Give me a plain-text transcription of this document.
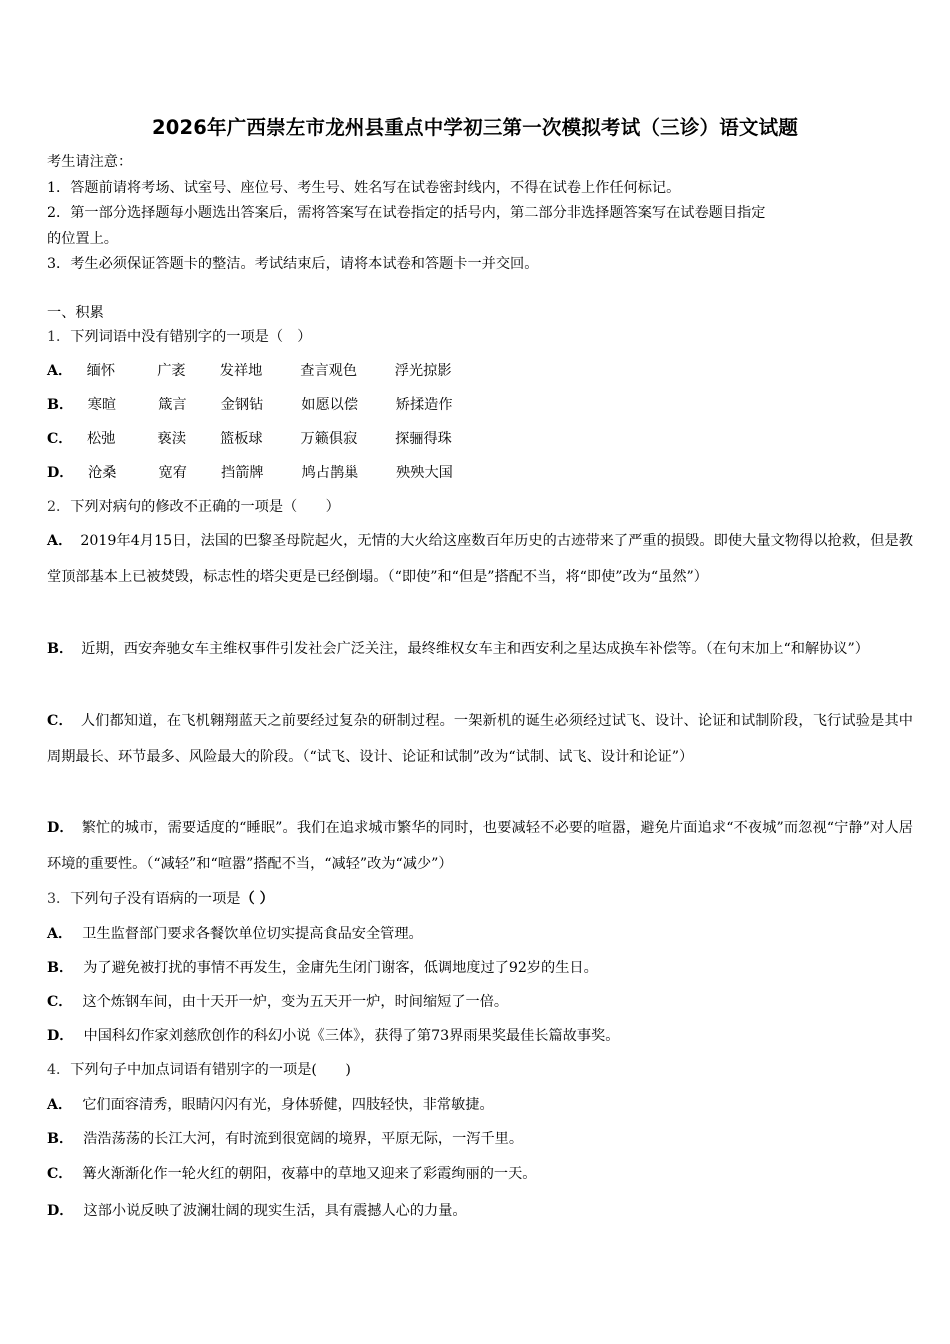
2026年广西崇左市龙州县重点中学初三第一次模拟考试（三诊）语文试题
考生请注意：
1．答题前请将考场、试室号、座位号、考生号、姓名写在试卷密封线内，不得在试卷上作任何标记。
2．第一部分选择题每小题选出答案后，需将答案写在试卷指定的括号内，第二部分非选择题答案写在试卷题目指定
的位置上。
3．考生必须保证答题卡的整洁。考试结束后，请将本试卷和答题卡一并交回。
一、积累
1．下列词语中没有错别字的一项是（　）
A． 缅怀	广袤 发祥地	查言观色	浮光掠影
B． 寒暄	箴言 金钢钻	如愿以偿	矫揉造作
C． 松弛	亵渎 篮板球	万籁俱寂	探骊得珠
D． 沧桑	宽宥 挡箭牌	鸠占鹊巢	殃殃大国
2．下列对病句的修改不正确的一项是（　　）
A． 2019年4月15日，法国的巴黎圣母院起火，无情的大火给这座数百年历史的古迹带来了严重的损毁。即使大量文物得以抢救，但是教堂顶部基本上已被焚毁，标志性的塔尖更是已经倒塌。（“即使”和“但是”搭配不当，将“即使”改为“虽然”）
B． 近期，西安奔驰女车主维权事件引发社会广泛关注，最终维权女车主和西安利之星达成换车补偿等。（在句末加上“和解协议”）
C． 人们都知道，在飞机翱翔蓝天之前要经过复杂的研制过程。一架新机的诞生必须经过试飞、设计、论证和试制阶段，飞行试验是其中周期最长、环节最多、风险最大的阶段。（“试飞、设计、论证和试制”改为“试制、试飞、设计和论证”）
D． 繁忙的城市，需要适度的“睡眠”。我们在追求城市繁华的同时，也要减轻不必要的喧嚣，避免片面追求“不夜城”而忽视“宁静”对人居环境的重要性。（“减轻”和“喧嚣”搭配不当，“减轻”改为“减少”）
3．下列句子没有语病的一项是（ ）
A． 卫生监督部门要求各餐饮单位切实提高食品安全管理。
B． 为了避免被打扰的事情不再发生，金庸先生闭门谢客，低调地度过了92岁的生日。
C． 这个炼钢车间，由十天开一炉，变为五天开一炉，时间缩短了一倍。
D． 中国科幻作家刘慈欣创作的科幻小说《三体》，获得了第73界雨果奖最佳长篇故事奖。
4．下列句子中加点词语有错别字的一项是(　　)
A． 它们面容清秀，眼睛闪闪有光，身体骄健，四肢轻快，非常敏捷。
B． 浩浩荡荡的长江大河，有时流到很宽阔的境界，平原无际，一泻千里。
C． 篝火渐渐化作一轮火红的朝阳，夜幕中的草地又迎来了彩霞绚丽的一天。
D． 这部小说反映了波澜壮阔的现实生活，具有震撼人心的力量。
